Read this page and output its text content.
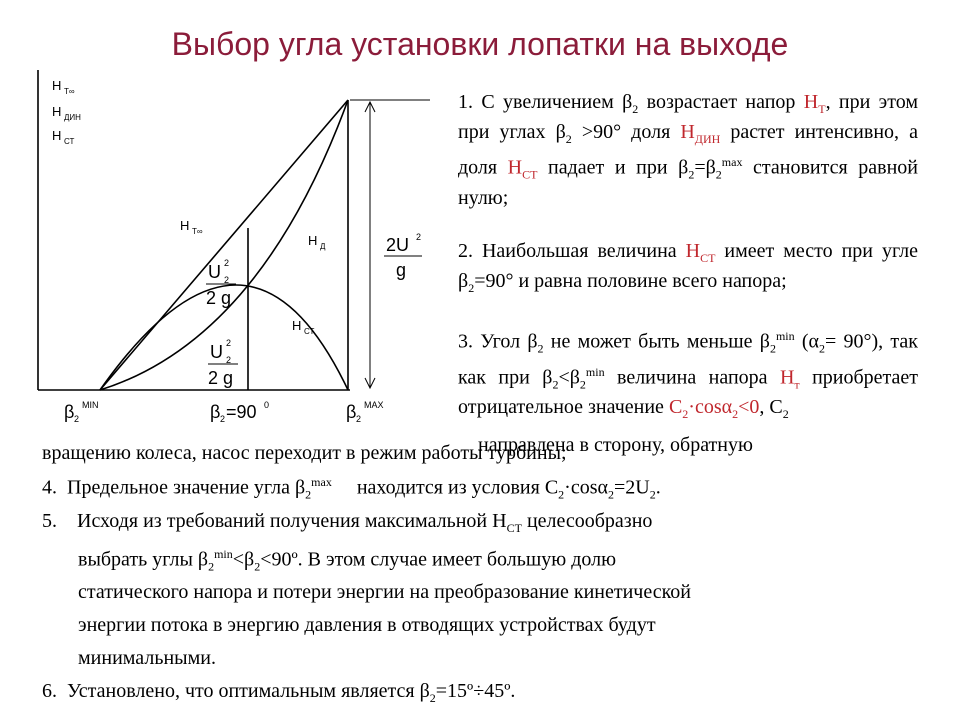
Выбор угла установки лопатки на выходе
Н Т∞
Н ДИН
Н СТ
Н Т∞
Н Д
Н СТ
U 2
2
2 g
U 2
2
2 g
2U 2
g
β 2
MIN	β 2 =90 0	β 2
MAX
1. С увеличением $\beta_2$ возрастает напор $Н_Т$, при этом при углах $\beta_2 >90^\circ$ доля $Н_{ДИН}$ растет интенсивно, а доля $Н_{СТ}$ падает и при $\beta_2=\beta_2^{max}$ становится равной нулю;
2. Наибольшая величина $Н_{СТ}$ имеет место при угле $\beta_2=90^\circ$ и равна половине всего напора;
3. Угол $\beta_2$ не может быть меньше $\beta_2^{min}$ $(\alpha_2= 90^\circ)$, так как при $\beta_2<\beta_2^{min}$ величина напора $Н_т$ приобретает отрицательное значение $С_2\cdot\cos\alpha_2<0$, $С_2$
направлена в сторону, обратную
вращению колеса, насос переходит в режим работы турбины;
4. Предельное значение угла $\beta_2^{max}$ находится из условия $С_2\cdot\cos\alpha_2=2U_2$.
5. Исходя из требований получения максимальной $Н_{СТ}$ целесообразно
выбрать углы $\beta_2^{min}<\beta_2<90º$. В этом случае имеет большую долю
статического напора и потери энергии на преобразование кинетической
энергии потока в энергию давления в отводящих устройствах будут
минимальными.
6. Установлено, что оптимальным является $\beta_2=15º\div 45º$.
